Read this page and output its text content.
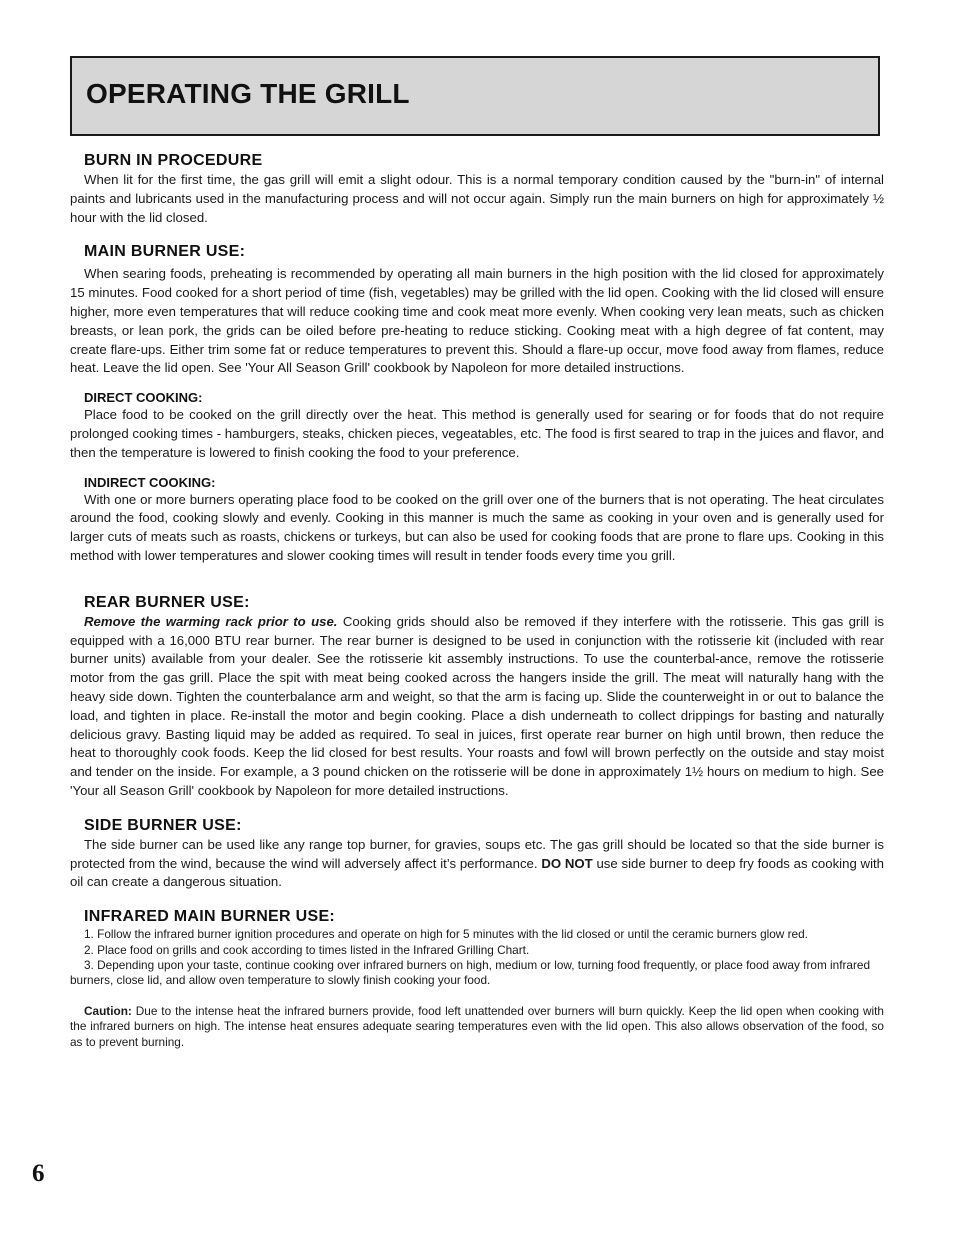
OPERATING THE GRILL
BURN IN PROCEDURE

When lit for the first time, the gas grill will emit a slight odour. This is a normal temporary condition caused by the "burn-in" of internal paints and lubricants used in the manufacturing process and will not occur again. Simply run the main burners on high for approximately ½ hour with the lid closed.

MAIN BURNER USE:

When searing foods, preheating is recommended by operating all main burners in the high position with the lid closed for approximately 15 minutes. Food cooked for a short period of time (fish, vegetables) may be grilled with the lid open. Cooking with the lid closed will ensure higher, more even temperatures that will reduce cooking time and cook meat more evenly. When cooking very lean meats, such as chicken breasts, or lean pork, the grids can be oiled before pre-heating to reduce sticking. Cooking meat with a high degree of fat content, may create flare-ups. Either trim some fat or reduce temperatures to prevent this. Should a flare-up occur, move food away from flames, reduce heat. Leave the lid open. See 'Your All Season Grill' cookbook by Napoleon for more detailed instructions.

DIRECT COOKING:

Place food to be cooked on the grill directly over the heat. This method is generally used for searing or for foods that do not require prolonged cooking times - hamburgers, steaks, chicken pieces, vegeatables, etc. The food is first seared to trap in the juices and flavor, and then the temperature is lowered to finish cooking the food to your preference.

INDIRECT COOKING:

With one or more burners operating place food to be cooked on the grill over one of the burners that is not operating. The heat circulates around the food, cooking slowly and evenly. Cooking in this manner is much the same as cooking in your oven and is generally used for larger cuts of meats such as roasts, chickens or turkeys, but can also be used for cooking foods that are prone to flare ups. Cooking in this method with lower temperatures and slower cooking times will result in tender foods every time you grill.

REAR BURNER USE:

Remove the warming rack prior to use. Cooking grids should also be removed if they interfere with the rotisserie. This gas grill is equipped with a 16,000 BTU rear burner. The rear burner is designed to be used in conjunction with the rotisserie kit (included with rear burner units) available from your dealer. See the rotisserie kit assembly instructions. To use the counterbal-ance, remove the rotisserie motor from the gas grill. Place the spit with meat being cooked across the hangers inside the grill. The meat will naturally hang with the heavy side down. Tighten the counterbalance arm and weight, so that the arm is facing up. Slide the counterweight in or out to balance the load, and tighten in place. Re-install the motor and begin cooking. Place a dish underneath to collect drippings for basting and naturally delicious gravy. Basting liquid may be added as required. To seal in juices, first operate rear burner on high until brown, then reduce the heat to thoroughly cook foods. Keep the lid closed for best results. Your roasts and fowl will brown perfectly on the outside and stay moist and tender on the inside. For example, a 3 pound chicken on the rotisserie will be done in approximately 1½ hours on medium to high. See 'Your all Season Grill' cookbook by Napoleon for more detailed instructions.

SIDE BURNER USE:

The side burner can be used like any range top burner, for gravies, soups etc. The gas grill should be located so that the side burner is protected from the wind, because the wind will adversely affect it’s performance. DO NOT use side burner to deep fry foods as cooking with oil can create a dangerous situation.

INFRARED MAIN BURNER USE:

1. Follow the infrared burner ignition procedures and operate on high for 5 minutes with the lid closed or until the ceramic burners glow red.

2. Place food on grills and cook according to times listed in the Infrared Grilling Chart.

3. Depending upon your taste, continue cooking over infrared burners on high, medium or low, turning food frequently, or place food away from infrared burners, close lid, and allow oven temperature to slowly finish cooking your food.

Caution: Due to the intense heat the infrared burners provide, food left unattended over burners will burn quickly. Keep the lid open when cooking with the infrared burners on high. The intense heat ensures adequate searing temperatures even with the lid open. This also allows observation of the food, so as to prevent burning.

6
